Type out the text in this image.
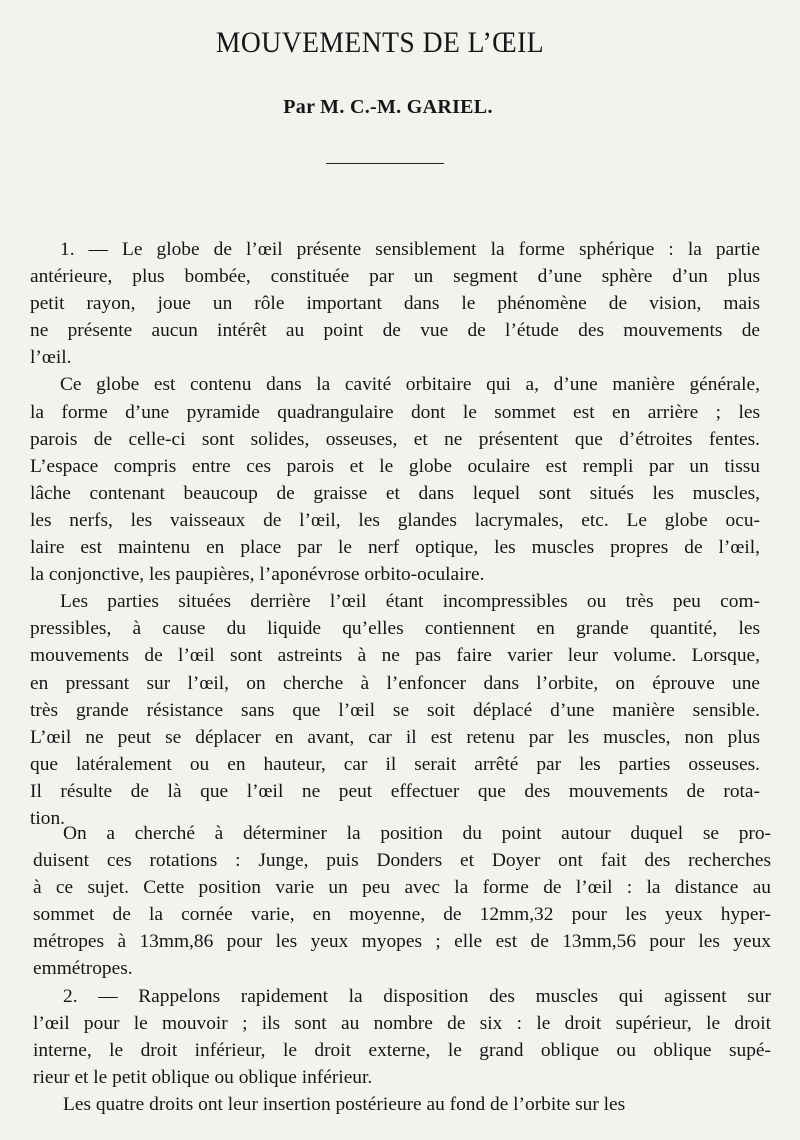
MOUVEMENTS DE L’ŒIL
Par M. C.-M. GARIEL.
1. — Le globe de l’œil présente sensiblement la forme sphérique : la partie
antérieure, plus bombée, constituée par un segment d’une sphère d’un plus
petit rayon, joue un rôle important dans le phénomène de vision, mais
ne présente aucun intérêt au point de vue de l’étude des mouvements de
l’œil.
Ce globe est contenu dans la cavité orbitaire qui a, d’une manière générale,
la forme d’une pyramide quadrangulaire dont le sommet est en arrière ; les
parois de celle-ci sont solides, osseuses, et ne présentent que d’étroites fentes.
L’espace compris entre ces parois et le globe oculaire est rempli par un tissu
lâche contenant beaucoup de graisse et dans lequel sont situés les muscles,
les nerfs, les vaisseaux de l’œil, les glandes lacrymales, etc. Le globe ocu-
laire est maintenu en place par le nerf optique, les muscles propres de l’œil,
la conjonctive, les paupières, l’aponévrose orbito-oculaire.
Les parties situées derrière l’œil étant incompressibles ou très peu com-
pressibles, à cause du liquide qu’elles contiennent en grande quantité, les
mouvements de l’œil sont astreints à ne pas faire varier leur volume. Lorsque,
en pressant sur l’œil, on cherche à l’enfoncer dans l’orbite, on éprouve une
très grande résistance sans que l’œil se soit déplacé d’une manière sensible.
L’œil ne peut se déplacer en avant, car il est retenu par les muscles, non plus
que latéralement ou en hauteur, car il serait arrêté par les parties osseuses.
Il résulte de là que l’œil ne peut effectuer que des mouvements de rota-
tion.
On a cherché à déterminer la position du point autour duquel se pro-
duisent ces rotations : Junge, puis Donders et Doyer ont fait des recherches
à ce sujet. Cette position varie un peu avec la forme de l’œil : la distance au
sommet de la cornée varie, en moyenne, de 12mm,32 pour les yeux hyper-
métropes à 13mm,86 pour les yeux myopes ; elle est de 13mm,56 pour les yeux
emmétropes.
2. — Rappelons rapidement la disposition des muscles qui agissent sur
l’œil pour le mouvoir ; ils sont au nombre de six : le droit supérieur, le droit
interne, le droit inférieur, le droit externe, le grand oblique ou oblique supé-
rieur et le petit oblique ou oblique inférieur.
Les quatre droits ont leur insertion postérieure au fond de l’orbite sur les
